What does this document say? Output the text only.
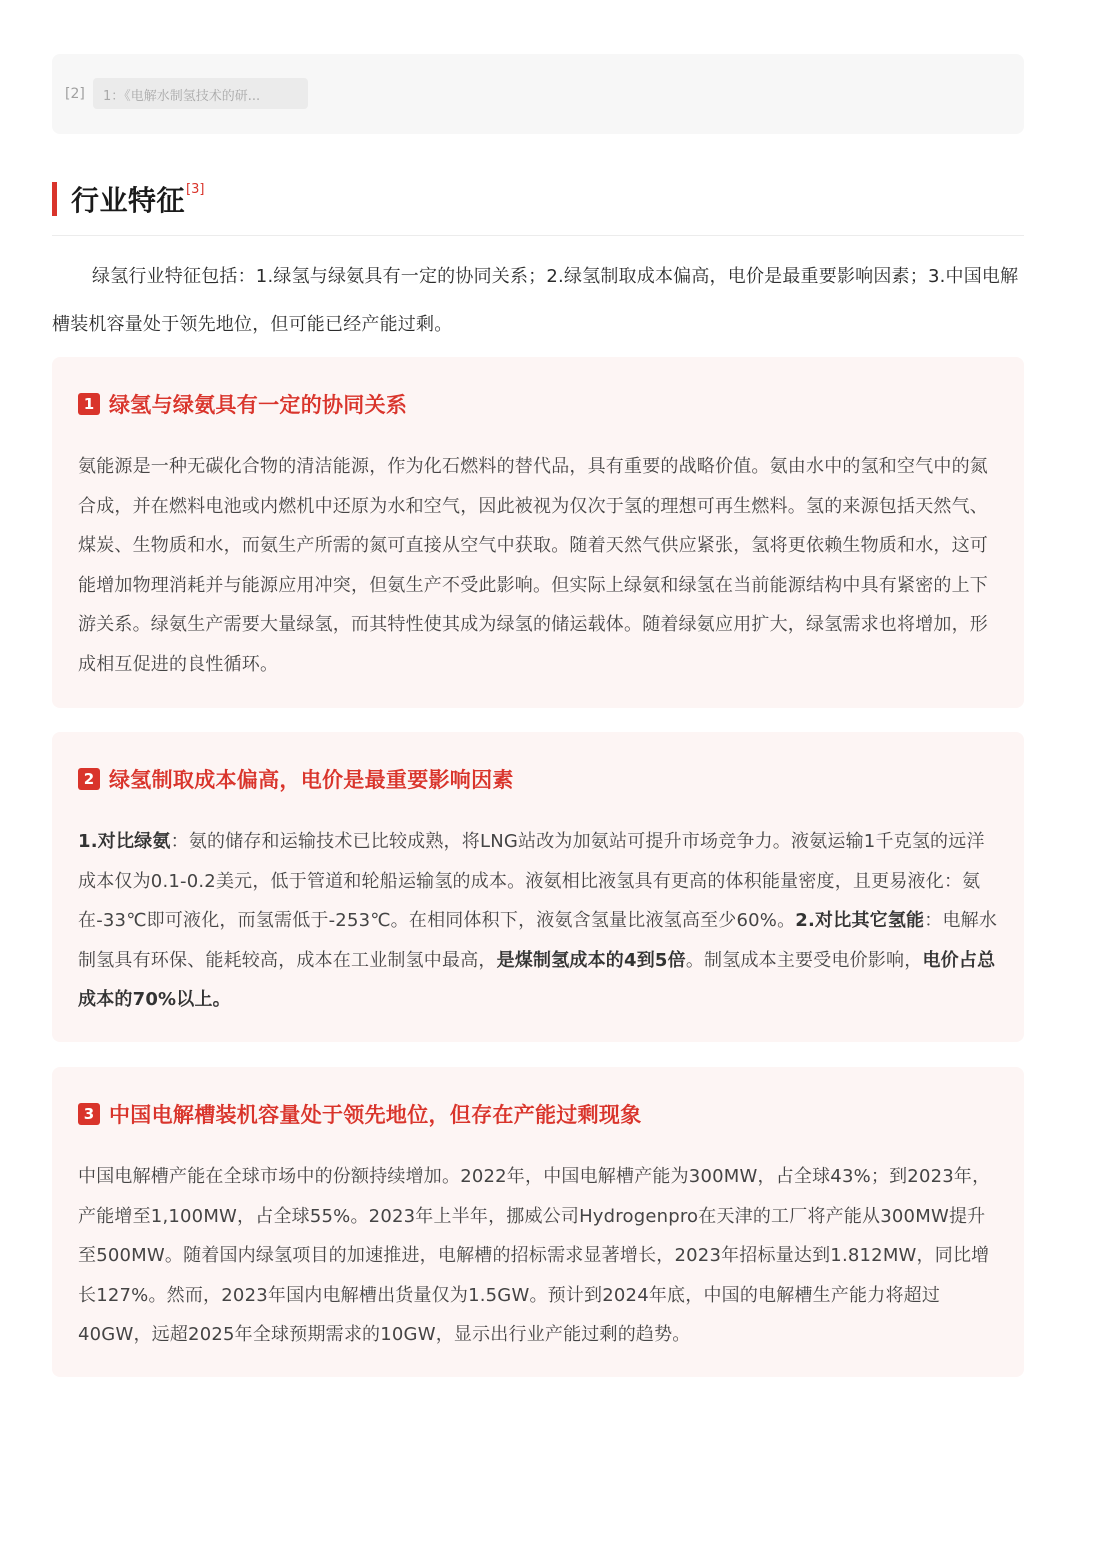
[2]	1：《电解水制氢技术的研...
行业特征[3]
绿氢行业特征包括：1.绿氢与绿氨具有一定的协同关系；2.绿氢制取成本偏高，电价是最重要影响因素；3.中国电解槽装机容量处于领先地位，但可能已经产能过剩。
1 绿氢与绿氨具有一定的协同关系
氨能源是一种无碳化合物的清洁能源，作为化石燃料的替代品，具有重要的战略价值。氨由水中的氢和空气中的氮合成，并在燃料电池或内燃机中还原为水和空气，因此被视为仅次于氢的理想可再生燃料。氢的来源包括天然气、煤炭、生物质和水，而氨生产所需的氮可直接从空气中获取。随着天然气供应紧张，氢将更依赖生物质和水，这可能增加物理消耗并与能源应用冲突，但氨生产不受此影响。但实际上绿氨和绿氢在当前能源结构中具有紧密的上下游关系。绿氨生产需要大量绿氢，而其特性使其成为绿氢的储运载体。随着绿氨应用扩大，绿氢需求也将增加，形成相互促进的良性循环。
2 绿氢制取成本偏高，电价是最重要影响因素
1.对比绿氨：氨的储存和运输技术已比较成熟，将LNG站改为加氨站可提升市场竞争力。液氨运输1千克氢的远洋成本仅为0.1-0.2美元，低于管道和轮船运输氢的成本。液氨相比液氢具有更高的体积能量密度，且更易液化：氨在-33℃即可液化，而氢需低于-253℃。在相同体积下，液氨含氢量比液氢高至少60%。2.对比其它氢能：电解水制氢具有环保、能耗较高，成本在工业制氢中最高，是煤制氢成本的4到5倍。制氢成本主要受电价影响，电价占总成本的70%以上。
3 中国电解槽装机容量处于领先地位，但存在产能过剩现象
中国电解槽产能在全球市场中的份额持续增加。2022年，中国电解槽产能为300MW，占全球43%；到2023年，产能增至1,100MW，占全球55%。2023年上半年，挪威公司Hydrogenpro在天津的工厂将产能从300MW提升至500MW。随着国内绿氢项目的加速推进，电解槽的招标需求显著增长，2023年招标量达到1.812MW，同比增长127%。然而，2023年国内电解槽出货量仅为1.5GW。预计到2024年底，中国的电解槽生产能力将超过40GW，远超2025年全球预期需求的10GW，显示出行业产能过剩的趋势。
